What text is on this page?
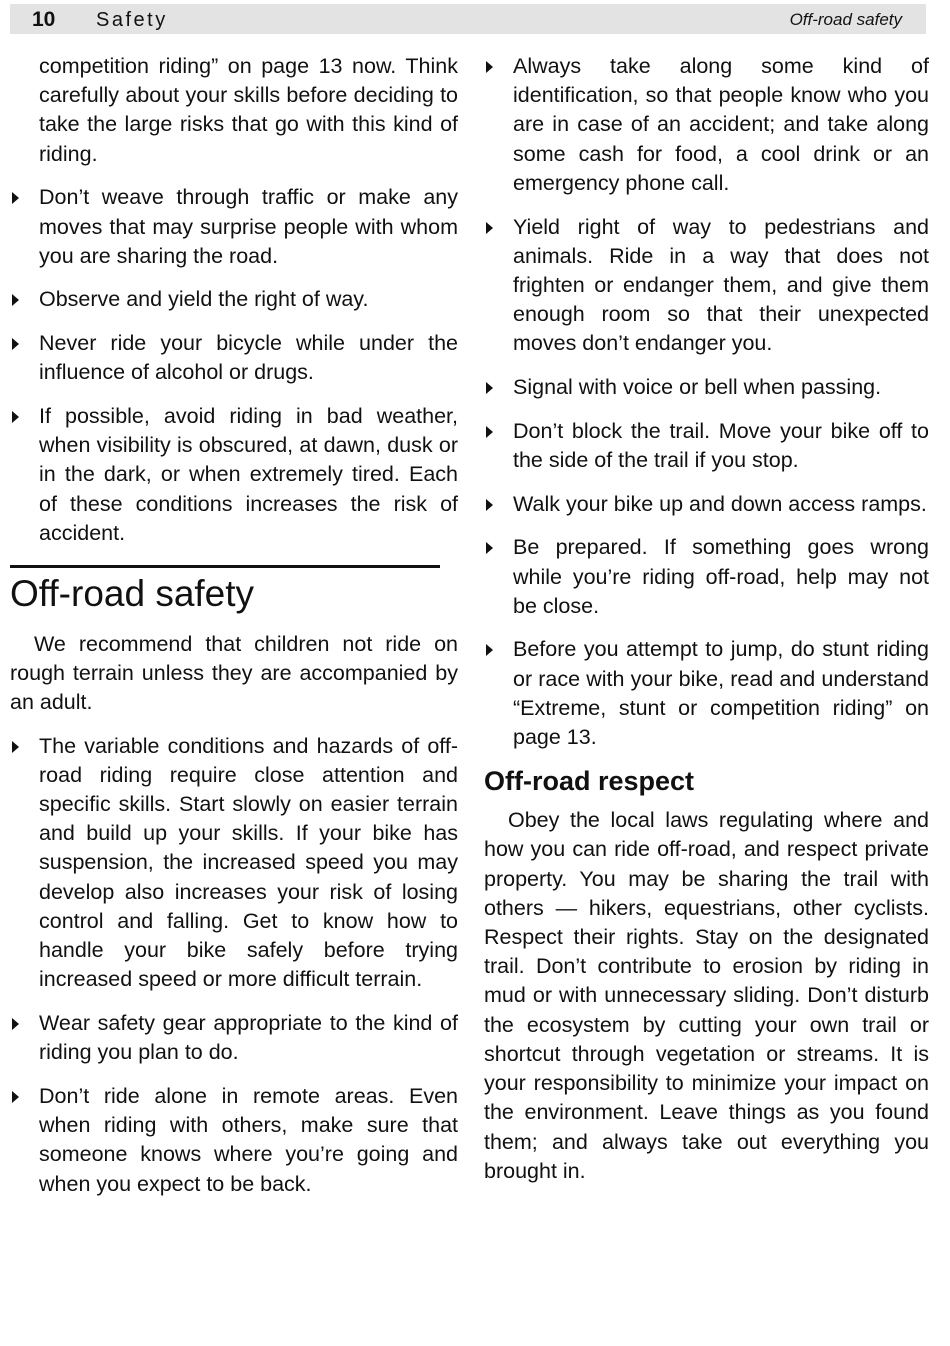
10 Safety	Off-road safety

competition riding” on page 13 now. Think carefully about your skills before deciding to take the large risks that go with this kind of riding.

Don’t weave through traffic or make any moves that may surprise people with whom you are sharing the road.
Observe and yield the right of way.
Never ride your bicycle while under the influence of alcohol or drugs.
If possible, avoid riding in bad weather, when visibility is obscured, at dawn, dusk or in the dark, or when extremely tired. Each of these conditions increases the risk of accident.
Off-road safety

We recommend that children not ride on rough terrain unless they are accompanied by an adult.

The variable conditions and hazards of off-road riding require close attention and specific skills. Start slowly on easier terrain and build up your skills. If your bike has suspension, the increased speed you may develop also increases your risk of losing control and falling. Get to know how to handle your bike safely before trying increased speed or more difficult terrain.
Wear safety gear appropriate to the kind of riding you plan to do.
Don’t ride alone in remote areas. Even when riding with others, make sure that someone knows where you’re going and when you expect to be back.
Always take along some kind of identification, so that people know who you are in case of an accident; and take along some cash for food, a cool drink or an emergency phone call.
Yield right of way to pedestrians and animals. Ride in a way that does not frighten or endanger them, and give them enough room so that their unexpected moves don’t endanger you.
Signal with voice or bell when passing.
Don’t block the trail. Move your bike off to the side of the trail if you stop.
Walk your bike up and down access ramps.
Be prepared. If something goes wrong while you’re riding off-road, help may not be close.
Before you attempt to jump, do stunt riding or race with your bike, read and understand “Extreme, stunt or competition riding” on page 13.
Off-road respect

Obey the local laws regulating where and how you can ride off-road, and respect private property. You may be sharing the trail with others — hikers, equestrians, other cyclists. Respect their rights. Stay on the designated trail. Don’t contribute to erosion by riding in mud or with unnecessary sliding. Don’t disturb the ecosystem by cutting your own trail or shortcut through vegetation or streams. It is your responsibility to minimize your impact on the environment. Leave things as you found them; and always take out everything you brought in.
